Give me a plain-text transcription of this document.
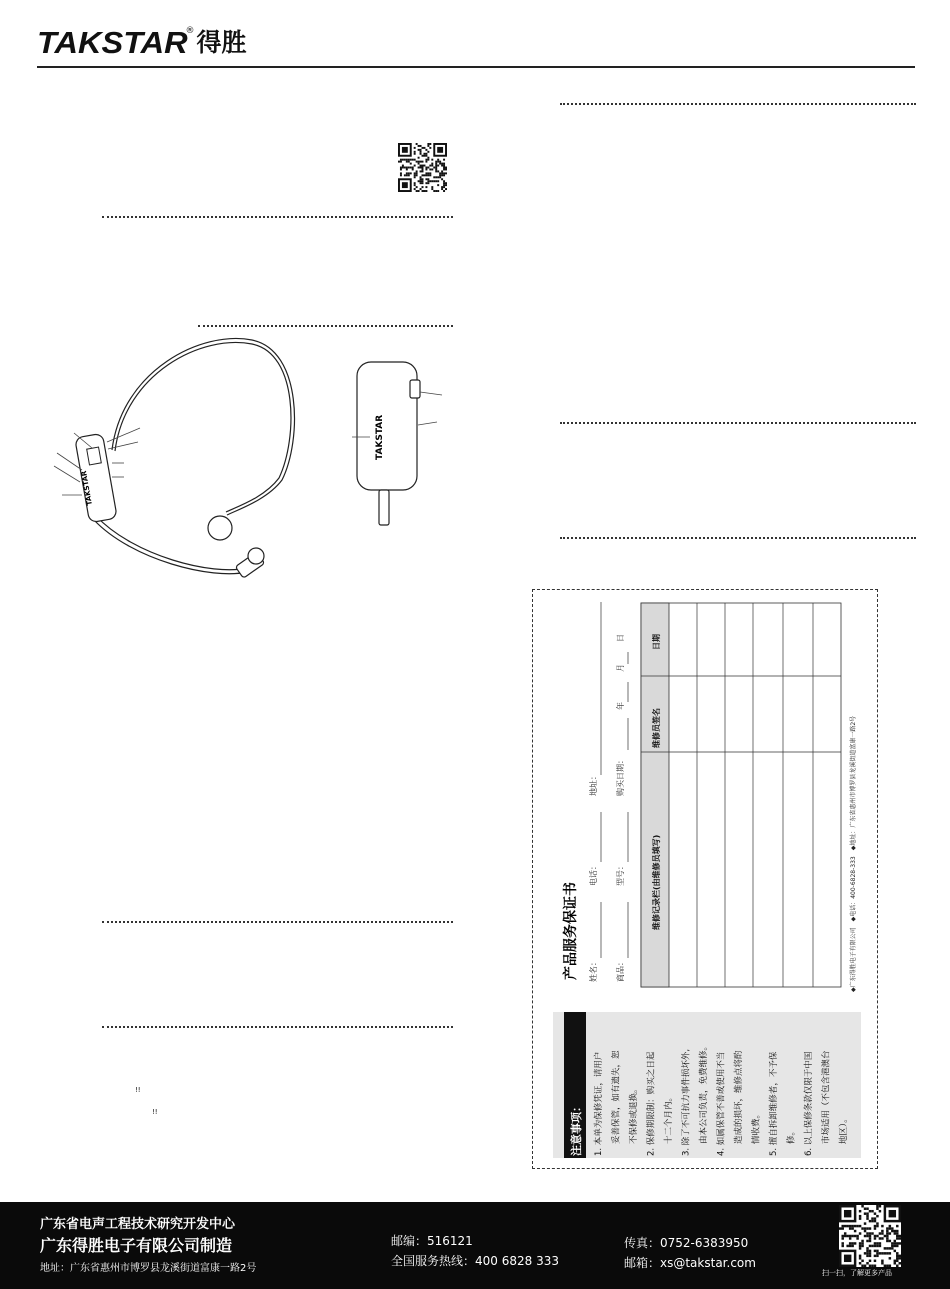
TAKSTAR
® 得胜
TAKSTAR
TAKSTAR
!!
!!
产品服务保证书 姓名：
电话：
地址：
商品：
型号：
购买日期：
年
月
日
维修记录栏(由维修员填写)
维修员签名
日期
◆广东得胜电子有限公司　◆电话：400-6828-333　◆地址：广东省惠州市博罗县龙溪街道富康一路2号
注意事项： 1. 本单为保修凭证，请用户 妥善保管，如有遗失，恕 不保修或退换。 2. 保修期限制：购买之日起 十二个月内。 3. 除了不可抗力事件损坏外, 由本公司负责，免费维修。 4. 如属保管不善或使用不当 造成的损坏，维修点将酌 情收费。 5. 擅自拆卸维修者，不予保 修。 6. 以上保修条款仅限于中国 市场适用（不包含港澳台 地区）。
广东省电声工程技术研究开发中心
广东得胜电子有限公司制造
地址：广东省惠州市博罗县龙溪街道富康一路2号
邮编：516121
全国服务热线：400 6828 333
传真：0752-6383950
邮箱：xs@takstar.com
扫一扫，了解更多产品
